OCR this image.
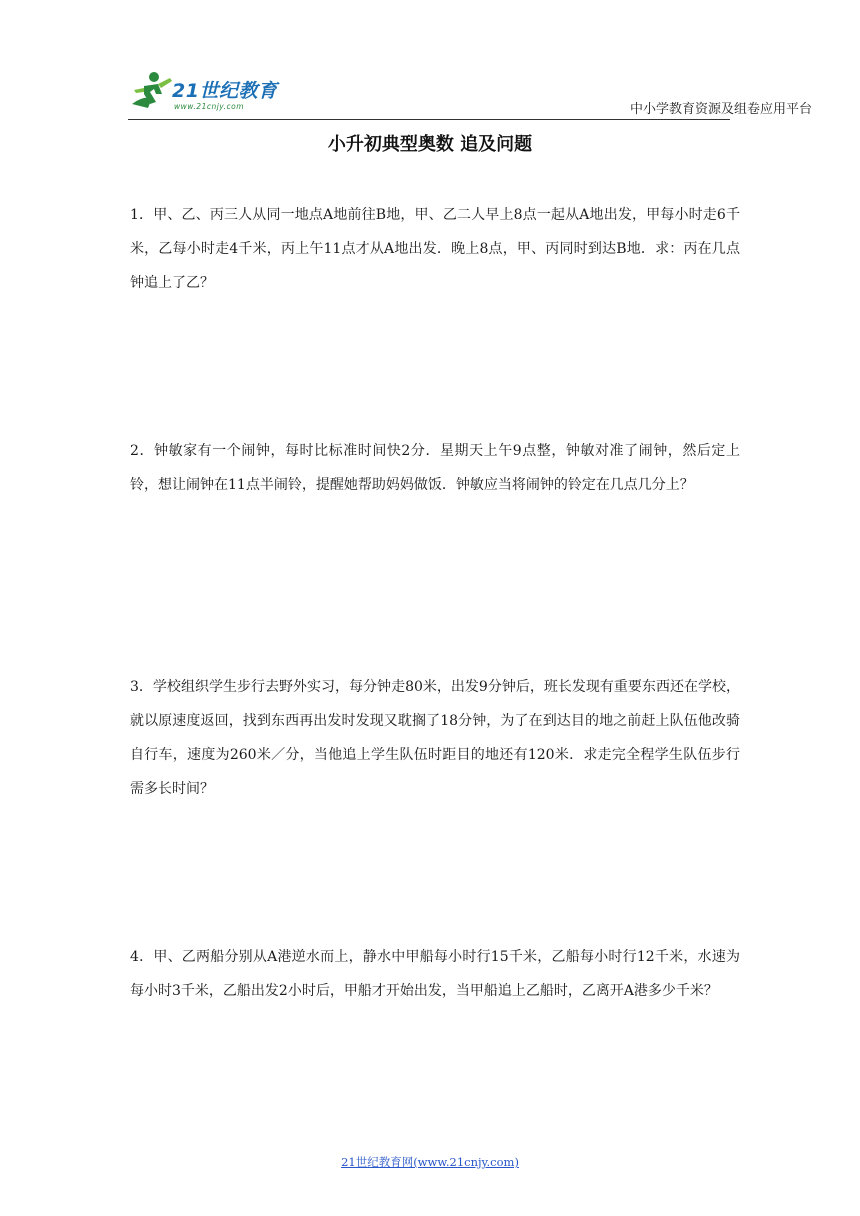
21世纪教育
www.21cnjy.com	中小学教育资源及组卷应用平台
小升初典型奥数 追及问题
1．甲、乙、丙三人从同一地点A地前往B地，甲、乙二人早上8点一起从A地出发，甲每小时走6千米，乙每小时走4千米，丙上午11点才从A地出发．晚上8点，甲、丙同时到达B地．求：丙在几点钟追上了乙？
2．钟敏家有一个闹钟，每时比标准时间快2分．星期天上午9点整，钟敏对准了闹钟，然后定上铃，想让闹钟在11点半闹铃，提醒她帮助妈妈做饭．钟敏应当将闹钟的铃定在几点几分上？
3．学校组织学生步行去野外实习，每分钟走80米，出发9分钟后，班长发现有重要东西还在学校，就以原速度返回，找到东西再出发时发现又耽搁了18分钟，为了在到达目的地之前赶上队伍他改骑自行车，速度为260米／分，当他追上学生队伍时距目的地还有120米．求走完全程学生队伍步行需多长时间？
4．甲、乙两船分别从A港逆水而上，静水中甲船每小时行15千米，乙船每小时行12千米，水速为每小时3千米，乙船出发2小时后，甲船才开始出发，当甲船追上乙船时，乙离开A港多少千米？
21世纪教育网(www.21cnjy.com)
